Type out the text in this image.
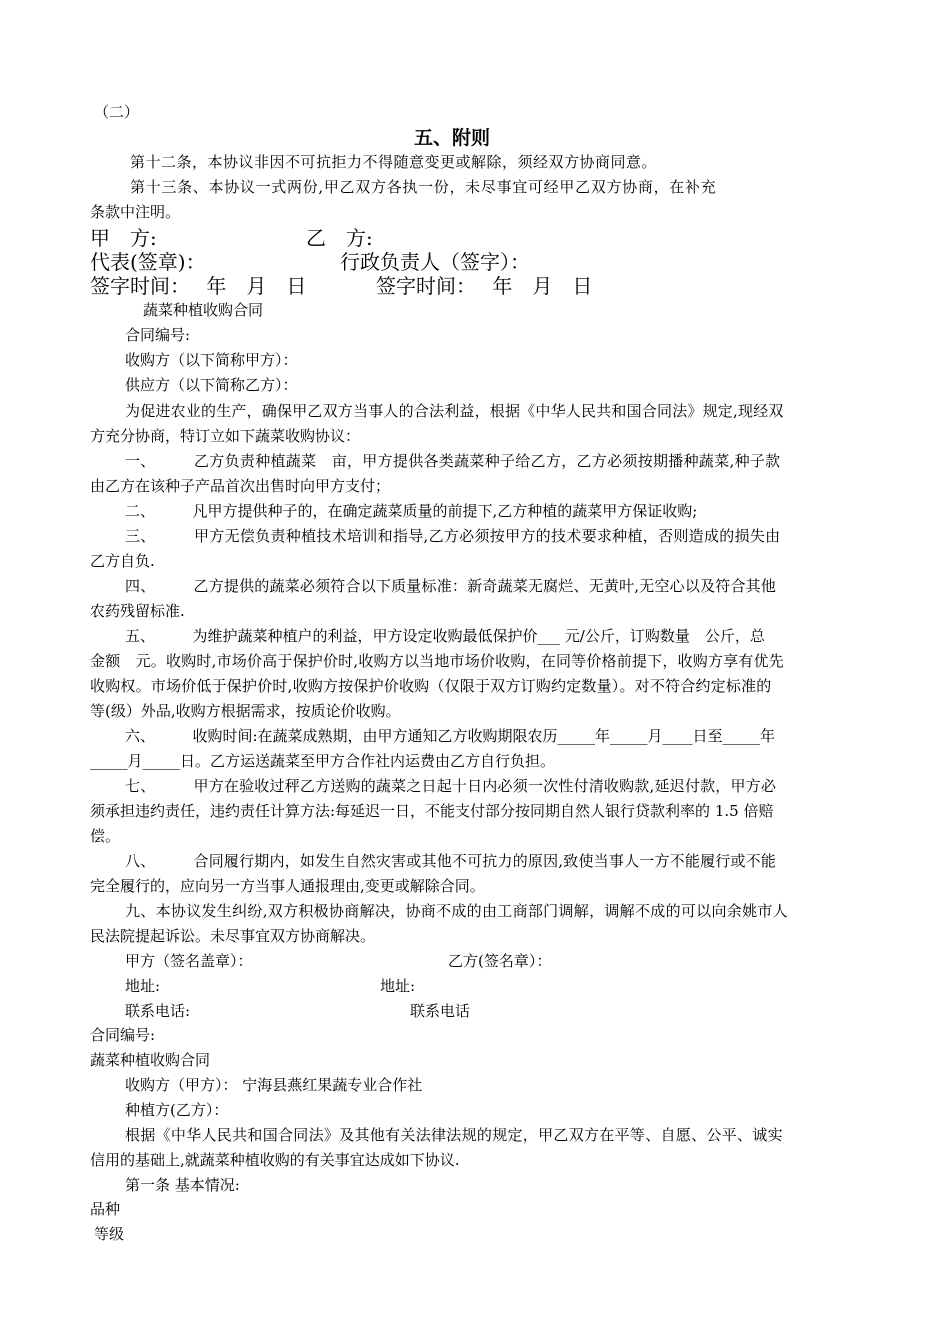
（二）
五、附则
第十二条，本协议非因不可抗拒力不得随意变更或解除，须经双方协商同意。
第十三条、本协议一式两份,甲乙双方各执一份，未尽事宜可经甲乙双方协商，在补充
条款中注明。
甲　方:	乙　方:
代表(签章)：	行政负责人（签字）：
签字时间：　 年　月　日	签字时间：　 年　月　日
蔬菜种植收购合同
合同编号:
收购方（以下简称甲方）：
供应方（以下简称乙方）：
为促进农业的生产，确保甲乙双方当事人的合法利益，根据《中华人民共和国合同法》规定,现经双
方充分协商，特订立如下蔬菜收购协议：
一、　　　乙方负责种植蔬菜　亩，甲方提供各类蔬菜种子给乙方，乙方必须按期播种蔬菜,种子款
由乙方在该种子产品首次出售时向甲方支付；
二、　　　凡甲方提供种子的，在确定蔬菜质量的前提下,乙方种植的蔬菜甲方保证收购;
三、　　　甲方无偿负责种植技术培训和指导,乙方必须按甲方的技术要求种植，否则造成的损失由
乙方自负.
四、　　　乙方提供的蔬菜必须符合以下质量标准：新奇蔬菜无腐烂、无黄叶,无空心以及符合其他
农药残留标准.
五、　　　为维护蔬菜种植户的利益，甲方设定收购最低保护价___ 元/公斤，订购数量　公斤，总
金额　元。收购时,市场价高于保护价时,收购方以当地市场价收购，在同等价格前提下，收购方享有优先
收购权。市场价低于保护价时,收购方按保护价收购（仅限于双方订购约定数量）。对不符合约定标准的
等(级）外品,收购方根据需求，按质论价收购。
六、　　　收购时间:在蔬菜成熟期，由甲方通知乙方收购期限农历_____年_____月____日至_____年
_____月_____日。乙方运送蔬菜至甲方合作社内运费由乙方自行负担。
七、　　　甲方在验收过秤乙方送购的蔬菜之日起十日内必须一次性付清收购款,延迟付款，甲方必
须承担违约责任，违约责任计算方法:每延迟一日，不能支付部分按同期自然人银行贷款利率的 1.5 倍赔
偿。
八、　　　合同履行期内，如发生自然灾害或其他不可抗力的原因,致使当事人一方不能履行或不能
完全履行的，应向另一方当事人通报理由,变更或解除合同。
九、本协议发生纠纷,双方积极协商解决，协商不成的由工商部门调解，调解不成的可以向余姚市人
民法院提起诉讼。未尽事宜双方协商解决。
甲方（签名盖章）：	乙方(签名章）：
地址:	地址:
联系电话:	联系电话
合同编号:
蔬菜种植收购合同
收购方（甲方）： 宁海县燕红果蔬专业合作社
种植方(乙方）：
根据《中华人民共和国合同法》及其他有关法律法规的规定，甲乙双方在平等、自愿、公平、诚实
信用的基础上,就蔬菜种植收购的有关事宜达成如下协议.
第一条 基本情况:
品种
等级
